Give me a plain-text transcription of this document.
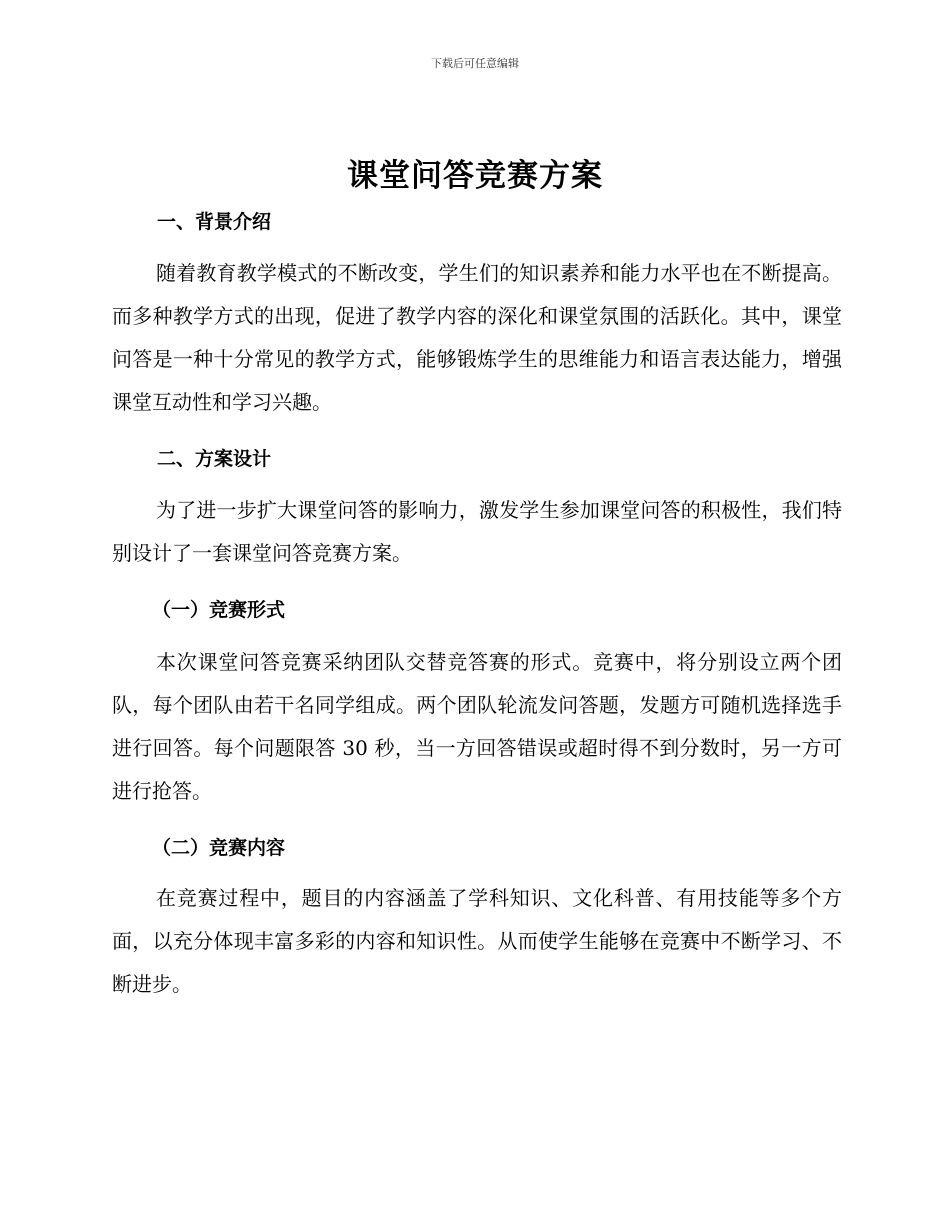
下载后可任意编辑
课堂问答竞赛方案
一、背景介绍

随着教育教学模式的不断改变，学生们的知识素养和能力水平也在不断提高。而多种教学方式的出现，促进了教学内容的深化和课堂氛围的活跃化。其中，课堂问答是一种十分常见的教学方式，能够锻炼学生的思维能力和语言表达能力，增强课堂互动性和学习兴趣。

二、方案设计

为了进一步扩大课堂问答的影响力，激发学生参加课堂问答的积极性，我们特别设计了一套课堂问答竞赛方案。

（一）竞赛形式

本次课堂问答竞赛采纳团队交替竞答赛的形式。竞赛中，将分别设立两个团队，每个团队由若干名同学组成。两个团队轮流发问答题，发题方可随机选择选手进行回答。每个问题限答 30 秒，当一方回答错误或超时得不到分数时，另一方可进行抢答。

（二）竞赛内容

在竞赛过程中，题目的内容涵盖了学科知识、文化科普、有用技能等多个方面，以充分体现丰富多彩的内容和知识性。从而使学生能够在竞赛中不断学习、不断进步。
